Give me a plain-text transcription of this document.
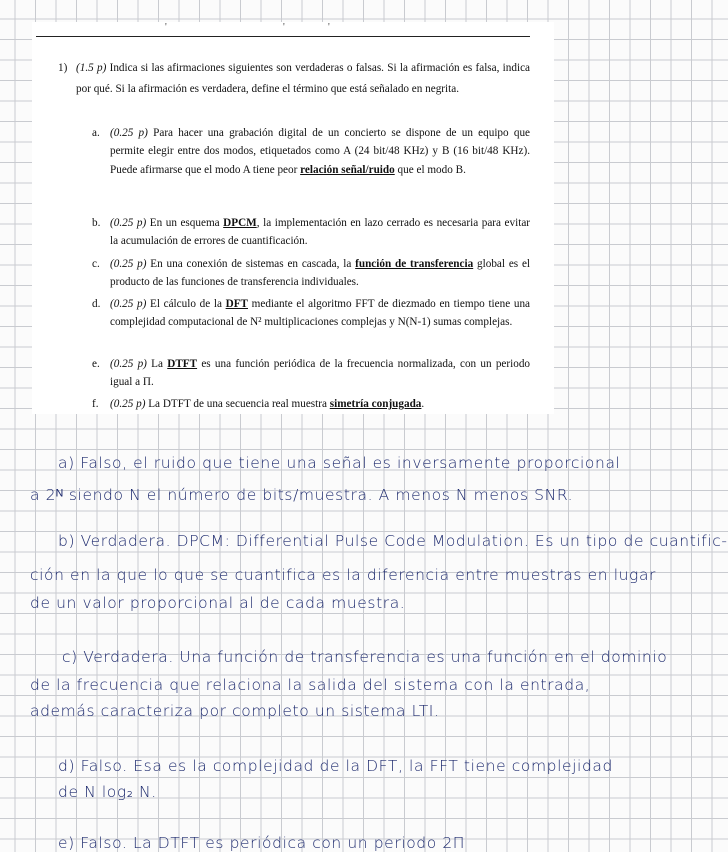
'	'	'
1) (1.5 p) Indica si las afirmaciones siguientes son verdaderas o falsas. Si la afirmación es falsa, indica por qué. Si la afirmación es verdadera, define el término que está señalado en negrita.
a. (0.25 p) Para hacer una grabación digital de un concierto se dispone de un equipo que permite elegir entre dos modos, etiquetados como A (24 bit/48 KHz) y B (16 bit/48 KHz). Puede afirmarse que el modo A tiene peor relación señal/ruido que el modo B.
b. (0.25 p) En un esquema DPCM, la implementación en lazo cerrado es necesaria para evitar la acumulación de errores de cuantificación.
c. (0.25 p) En una conexión de sistemas en cascada, la función de transferencia global es el producto de las funciones de transferencia individuales.
d. (0.25 p) El cálculo de la DFT mediante el algoritmo FFT de diezmado en tiempo tiene una complejidad computacional de N² multiplicaciones complejas y N(N-1) sumas complejas.
e. (0.25 p) La DTFT es una función periódica de la frecuencia normalizada, con un periodo igual a Π.
f. (0.25 p) La DTFT de una secuencia real muestra simetría conjugada.
a) Falso, el ruido que tiene una señal es inversamente proporcional
a 2ᴺ siendo N el número de bits/muestra. A menos N menos SNR.
b) Verdadera. DPCM: Differential Pulse Code Modulation. Es un tipo de cuantific-
ción en la que lo que se cuantifica es la diferencia entre muestras en lugar
de un valor proporcional al de cada muestra.
c) Verdadera. Una función de transferencia es una función en el dominio
de la frecuencia que relaciona la salida del sistema con la entrada,
además caracteriza por completo un sistema LTI.
d) Falso. Esa es la complejidad de la DFT, la FFT tiene complejidad
de N log₂ N.
e) Falso. La DTFT es periódica con un periodo 2Π
